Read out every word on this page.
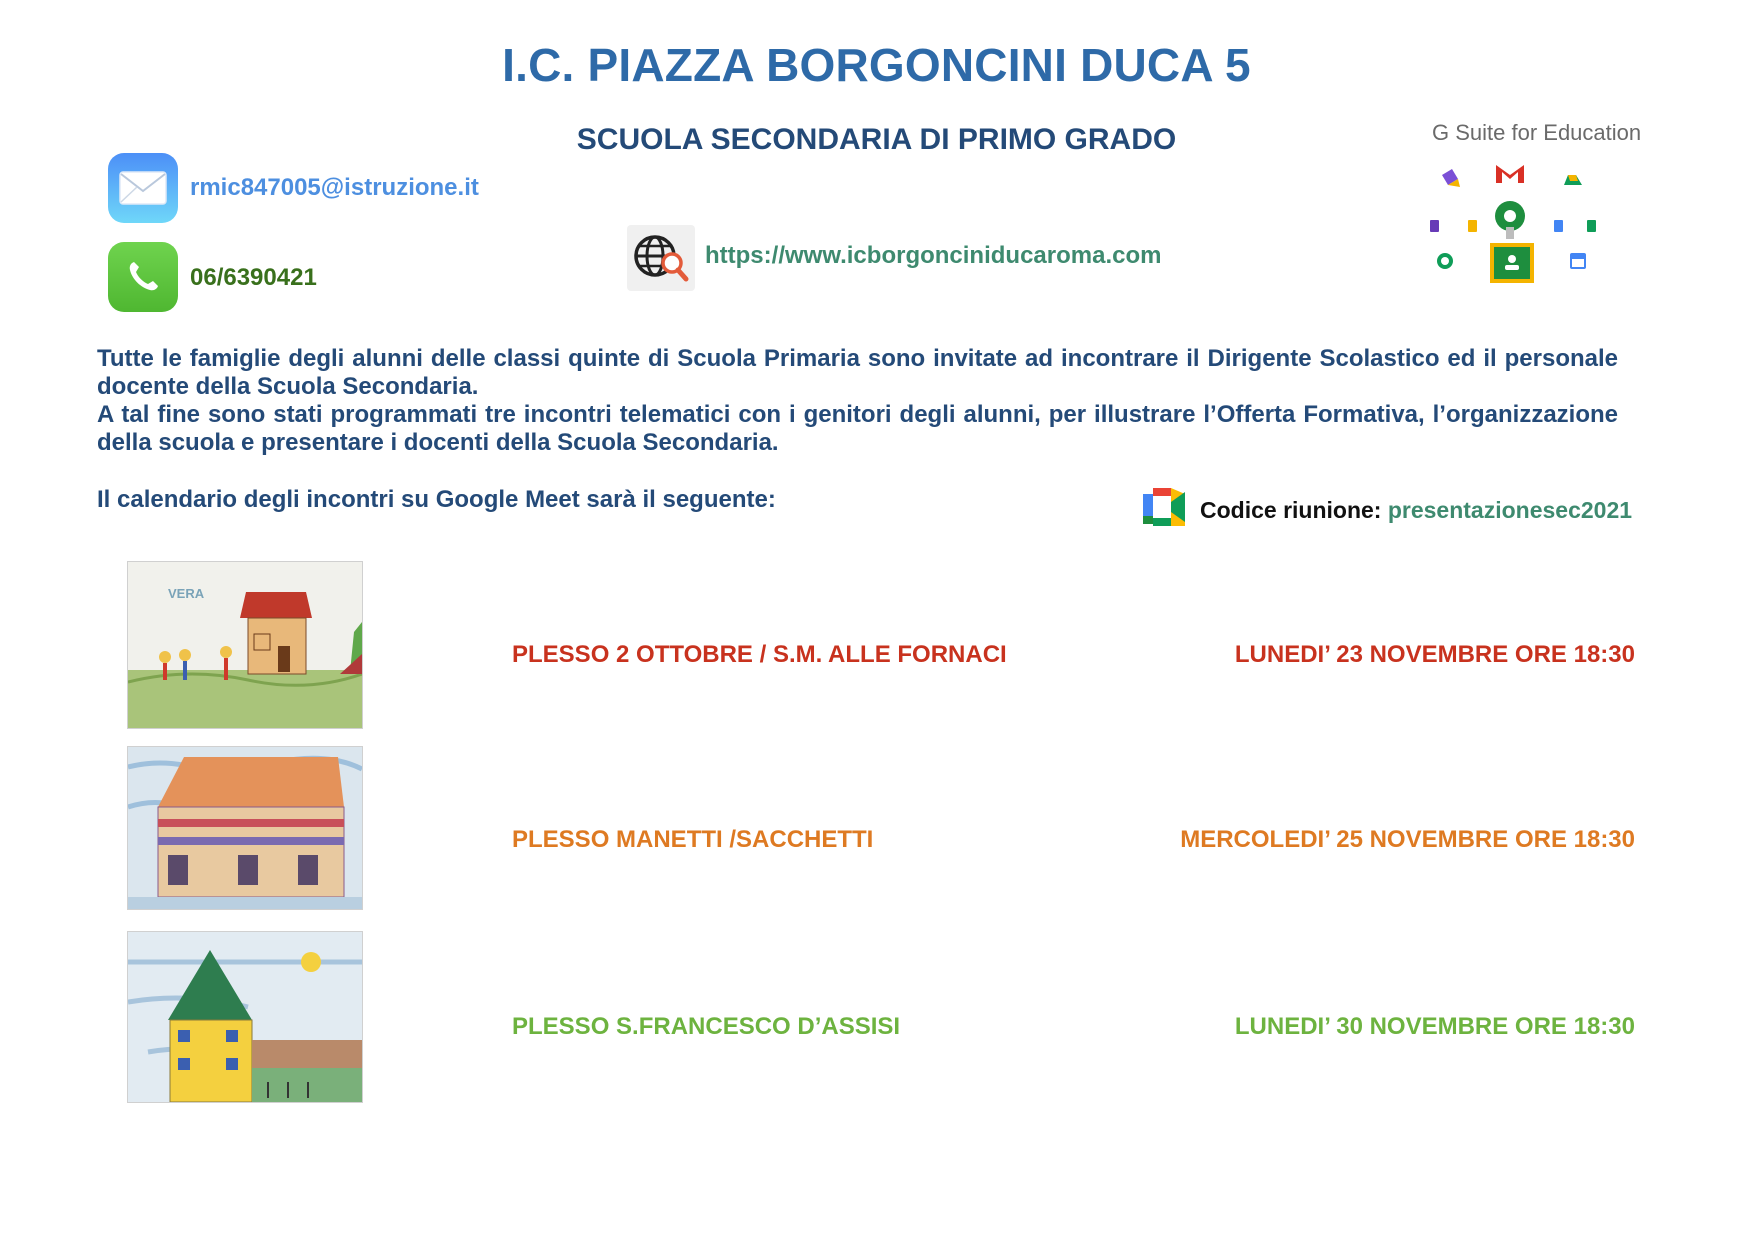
I.C. PIAZZA BORGONCINI DUCA 5
SCUOLA SECONDARIA DI PRIMO GRADO
rmic847005@istruzione.it
06/6390421
https://www.icborgonciniducaroma.com
G Suite for Education
Tutte le famiglie degli alunni delle classi quinte di Scuola Primaria sono invitate ad incontrare il Dirigente Scolastico ed il personale docente della Scuola Secondaria.
A tal fine sono stati programmati tre incontri telematici con i genitori degli alunni, per illustrare l’Offerta Formativa, l’organizzazione della scuola e presentare i docenti della Scuola Secondaria.
Il calendario degli incontri su Google Meet sarà il seguente:	Codice riunione: presentazionesec2021
VERA
PLESSO 2 OTTOBRE / S.M. ALLE FORNACI	LUNEDI’ 23 NOVEMBRE ORE 18:30
PLESSO MANETTI /SACCHETTI	MERCOLEDI’ 25 NOVEMBRE ORE 18:30
PLESSO S.FRANCESCO D’ASSISI	LUNEDI’ 30 NOVEMBRE ORE 18:30
